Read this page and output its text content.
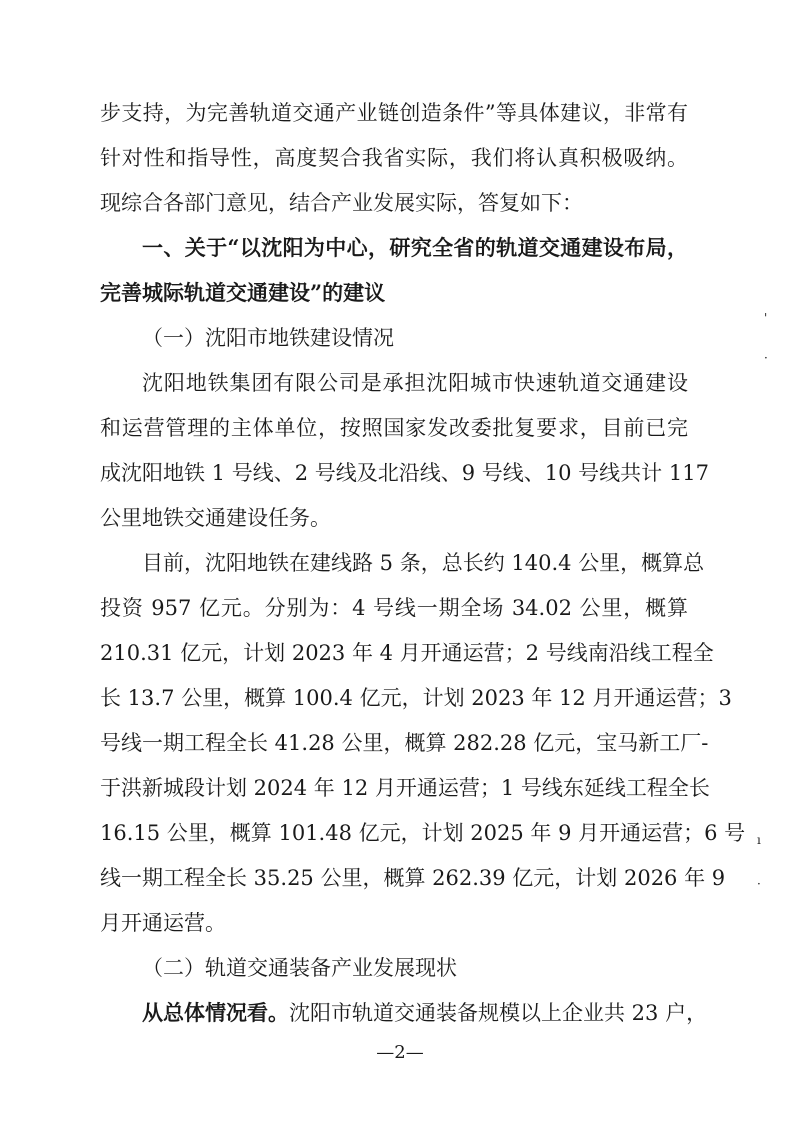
步支持，为完善轨道交通产业链创造条件”等具体建议，非常有
针对性和指导性，高度契合我省实际，我们将认真积极吸纳。
现综合各部门意见，结合产业发展实际，答复如下：
一、关于“以沈阳为中心，研究全省的轨道交通建设布局，
完善城际轨道交通建设”的建议
（一）沈阳市地铁建设情况
沈阳地铁集团有限公司是承担沈阳城市快速轨道交通建设
和运营管理的主体单位，按照国家发改委批复要求，目前已完
成沈阳地铁 1 号线、2 号线及北沿线、9 号线、10 号线共计 117
公里地铁交通建设任务。
目前，沈阳地铁在建线路 5 条，总长约 140.4 公里，概算总
投资 957 亿元。分别为：4 号线一期全场 34.02 公里，概算
210.31 亿元，计划 2023 年 4 月开通运营；2 号线南沿线工程全
长 13.7 公里，概算 100.4 亿元，计划 2023 年 12 月开通运营；3
号线一期工程全长 41.28 公里，概算 282.28 亿元，宝马新工厂-
于洪新城段计划 2024 年 12 月开通运营；1 号线东延线工程全长
16.15 公里，概算 101.48 亿元，计划 2025 年 9 月开通运营；6 号
线一期工程全长 35.25 公里，概算 262.39 亿元，计划 2026 年 9
月开通运营。
（二）轨道交通装备产业发展现状
从总体情况看。沈阳市轨道交通装备规模以上企业共 23 户，
—2—
'
·
ı
·
